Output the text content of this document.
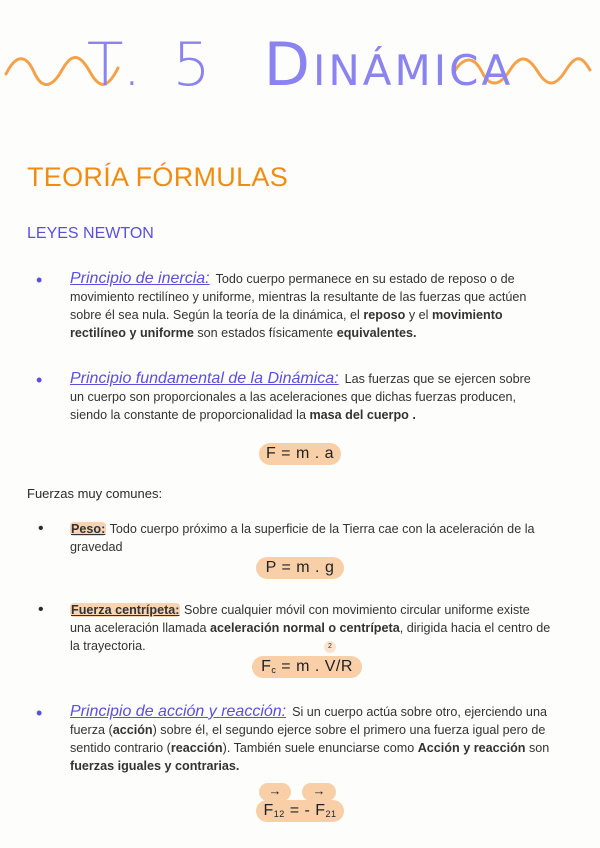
T. 5 Dinámica
TEORÍA FÓRMULAS
LEYES NEWTON
• Principio de inercia: Todo cuerpo permanece en su estado de reposo o de
movimiento rectilíneo y uniforme, mientras la resultante de las fuerzas que actúen
sobre él sea nula. Según la teoría de la dinámica, el reposo y el movimiento
rectilíneo y uniforme son estados físicamente equivalentes.
• Principio fundamental de la Dinámica: Las fuerzas que se ejercen sobre
un cuerpo son proporcionales a las aceleraciones que dichas fuerzas producen,
siendo la constante de proporcionalidad la masa del cuerpo .
F = m . a
Fuerzas muy comunes:
• Peso: Todo cuerpo próximo a la superficie de la Tierra cae con la aceleración de la
gravedad
P = m . g
• Fuerza centrípeta: Sobre cualquier móvil con movimiento circular uniforme existe
una aceleración llamada aceleración normal o centrípeta, dirigida hacia el centro de
la trayectoria.	2
$F_c = m$ . V/R
• Principio de acción y reacción: Si un cuerpo actúa sobre otro, ejerciendo una
fuerza (acción) sobre él, el segundo ejerce sobre el primero una fuerza igual pero de
sentido contrario (reacción). También suele enunciarse como Acción y reacción son
fuerzas iguales y contrarias.
→	→
$F_{12}$ = - $F_{21}$
